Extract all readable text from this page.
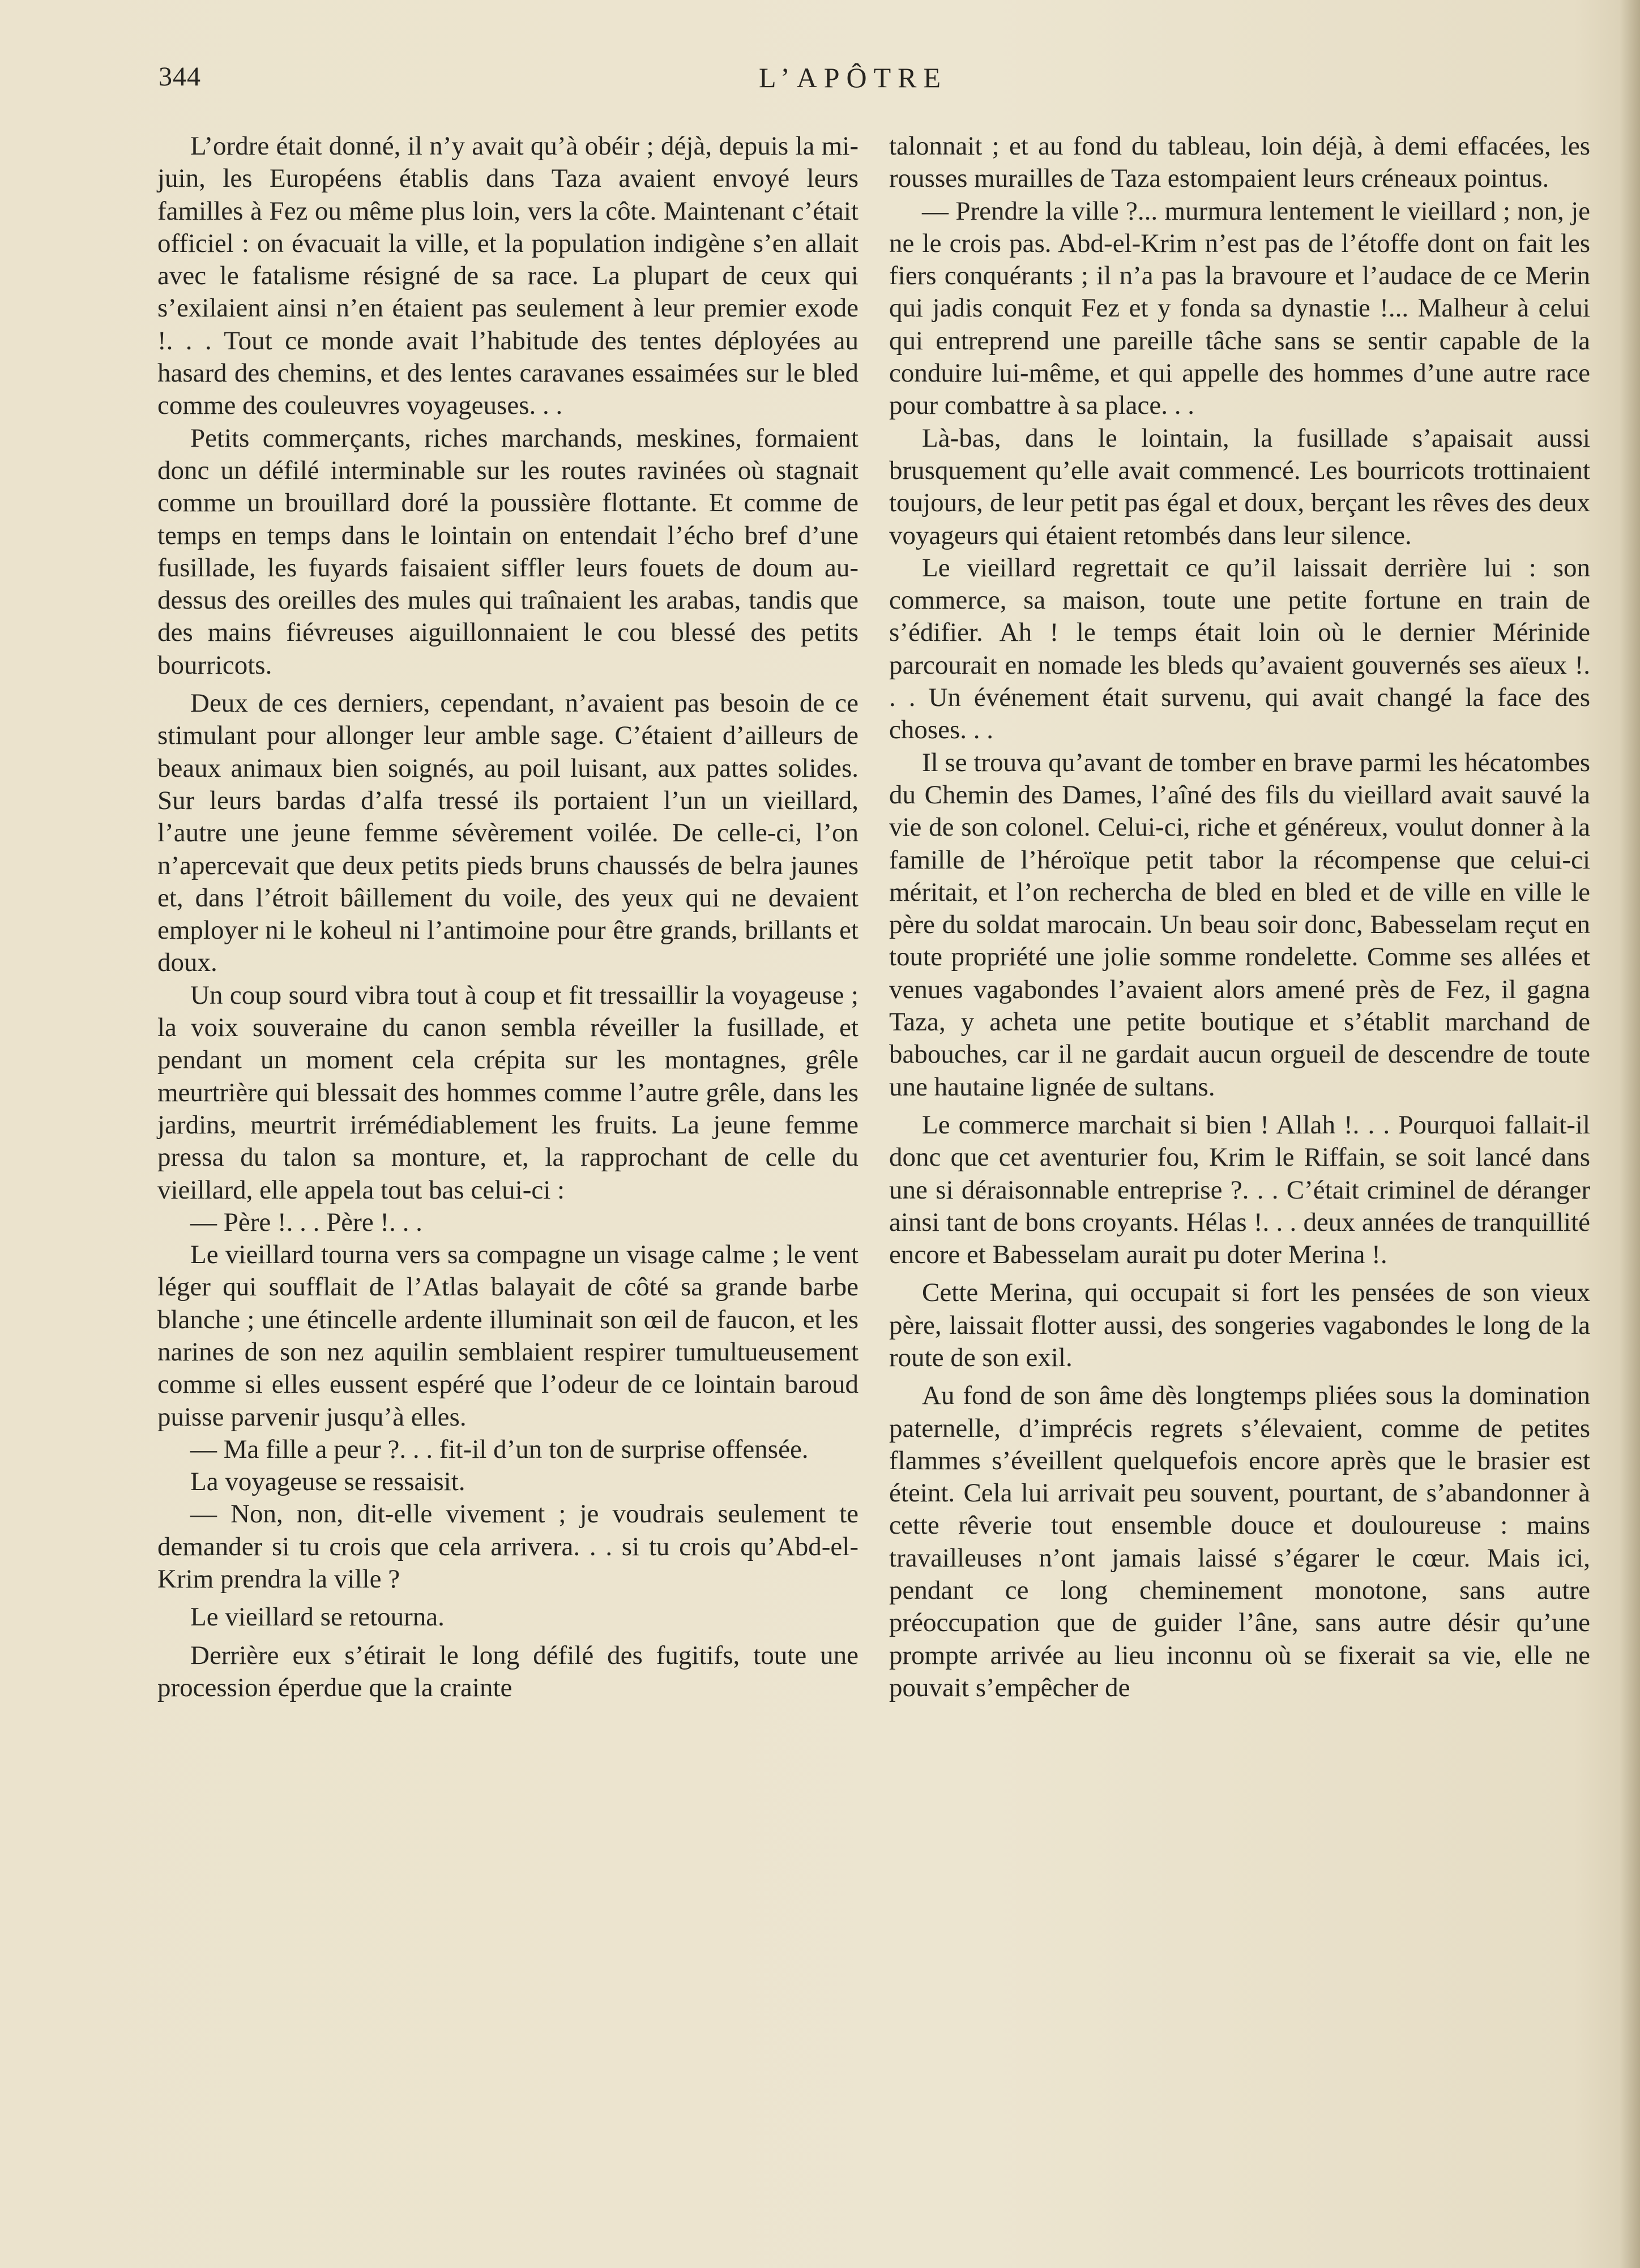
344	L’APÔTRE

L’ordre était donné, il n’y avait qu’à obéir ; déjà, depuis la mi-juin, les Européens établis dans Taza avaient envoyé leurs familles à Fez ou même plus loin, vers la côte. Maintenant c’était officiel : on évacuait la ville, et la population indigène s’en allait avec le fatalisme résigné de sa race. La plupart de ceux qui s’exilaient ainsi n’en étaient pas seulement à leur premier exode !. . . Tout ce monde avait l’habitude des tentes déployées au hasard des chemins, et des lentes caravanes essaimées sur le bled comme des couleuvres voyageuses. . .

Petits commerçants, riches marchands, meskines, formaient donc un défilé interminable sur les routes ravinées où stagnait comme un brouillard doré la poussière flottante. Et comme de temps en temps dans le lointain on entendait l’écho bref d’une fusillade, les fuyards faisaient siffler leurs fouets de doum au-dessus des oreilles des mules qui traînaient les arabas, tandis que des mains fiévreuses aiguillonnaient le cou blessé des petits bourricots.

Deux de ces derniers, cependant, n’avaient pas besoin de ce stimulant pour allonger leur amble sage. C’étaient d’ailleurs de beaux animaux bien soignés, au poil luisant, aux pattes solides. Sur leurs bardas d’alfa tressé ils portaient l’un un vieillard, l’autre une jeune femme sévèrement voilée. De celle-ci, l’on n’apercevait que deux petits pieds bruns chaussés de belra jaunes et, dans l’étroit bâillement du voile, des yeux qui ne devaient employer ni le koheul ni l’antimoine pour être grands, brillants et doux.

Un coup sourd vibra tout à coup et fit tressaillir la voyageuse ; la voix souveraine du canon sembla réveiller la fusillade, et pendant un moment cela crépita sur les montagnes, grêle meurtrière qui blessait des hommes comme l’autre grêle, dans les jardins, meurtrit irrémédiablement les fruits. La jeune femme pressa du talon sa monture, et, la rapprochant de celle du vieillard, elle appela tout bas celui-ci :

— Père !. . . Père !. . .

Le vieillard tourna vers sa compagne un visage calme ; le vent léger qui soufflait de l’Atlas balayait de côté sa grande barbe blanche ; une étincelle ardente illuminait son œil de faucon, et les narines de son nez aquilin semblaient respirer tumultueusement comme si elles eussent espéré que l’odeur de ce lointain baroud puisse parvenir jusqu’à elles.

— Ma fille a peur ?. . . fit-il d’un ton de surprise offensée.

La voyageuse se ressaisit.

— Non, non, dit-elle vivement ; je voudrais seulement te demander si tu crois que cela arrivera. . . si tu crois qu’Abd-el-Krim prendra la ville ?

Le vieillard se retourna.

Derrière eux s’étirait le long défilé des fugitifs, toute une procession éperdue que la crainte

talonnait ; et au fond du tableau, loin déjà, à demi effacées, les rousses murailles de Taza estompaient leurs créneaux pointus.

— Prendre la ville ?... murmura lentement le vieillard ; non, je ne le crois pas. Abd-el-Krim n’est pas de l’étoffe dont on fait les fiers conquérants ; il n’a pas la bravoure et l’audace de ce Merin qui jadis conquit Fez et y fonda sa dynastie !... Malheur à celui qui entreprend une pareille tâche sans se sentir capable de la conduire lui-même, et qui appelle des hommes d’une autre race pour combattre à sa place. . .

Là-bas, dans le lointain, la fusillade s’apaisait aussi brusquement qu’elle avait commencé. Les bourricots trottinaient toujours, de leur petit pas égal et doux, berçant les rêves des deux voyageurs qui étaient retombés dans leur silence.

Le vieillard regrettait ce qu’il laissait derrière lui : son commerce, sa maison, toute une petite fortune en train de s’édifier. Ah ! le temps était loin où le dernier Mérinide parcourait en nomade les bleds qu’avaient gouvernés ses aïeux !. . . Un événement était survenu, qui avait changé la face des choses. . .

Il se trouva qu’avant de tomber en brave parmi les hécatombes du Chemin des Dames, l’aîné des fils du vieillard avait sauvé la vie de son colonel. Celui-ci, riche et généreux, voulut donner à la famille de l’héroïque petit tabor la récompense que celui-ci méritait, et l’on rechercha de bled en bled et de ville en ville le père du soldat marocain. Un beau soir donc, Babesselam reçut en toute propriété une jolie somme rondelette. Comme ses allées et venues vagabondes l’avaient alors amené près de Fez, il gagna Taza, y acheta une petite boutique et s’établit marchand de babouches, car il ne gardait aucun orgueil de descendre de toute une hautaine lignée de sultans.

Le commerce marchait si bien ! Allah !. . . Pourquoi fallait-il donc que cet aventurier fou, Krim le Riffain, se soit lancé dans une si déraisonnable entreprise ?. . . C’était criminel de déranger ainsi tant de bons croyants. Hélas !. . . deux années de tranquillité encore et Babesselam aurait pu doter Merina !.

Cette Merina, qui occupait si fort les pensées de son vieux père, laissait flotter aussi, des songeries vagabondes le long de la route de son exil.

Au fond de son âme dès longtemps pliées sous la domination paternelle, d’imprécis regrets s’élevaient, comme de petites flammes s’éveillent quelquefois encore après que le brasier est éteint. Cela lui arrivait peu souvent, pourtant, de s’abandonner à cette rêverie tout ensemble douce et douloureuse : mains travailleuses n’ont jamais laissé s’égarer le cœur. Mais ici, pendant ce long cheminement monotone, sans autre préoccupation que de guider l’âne, sans autre désir qu’une prompte arrivée au lieu inconnu où se fixerait sa vie, elle ne pouvait s’empêcher de
